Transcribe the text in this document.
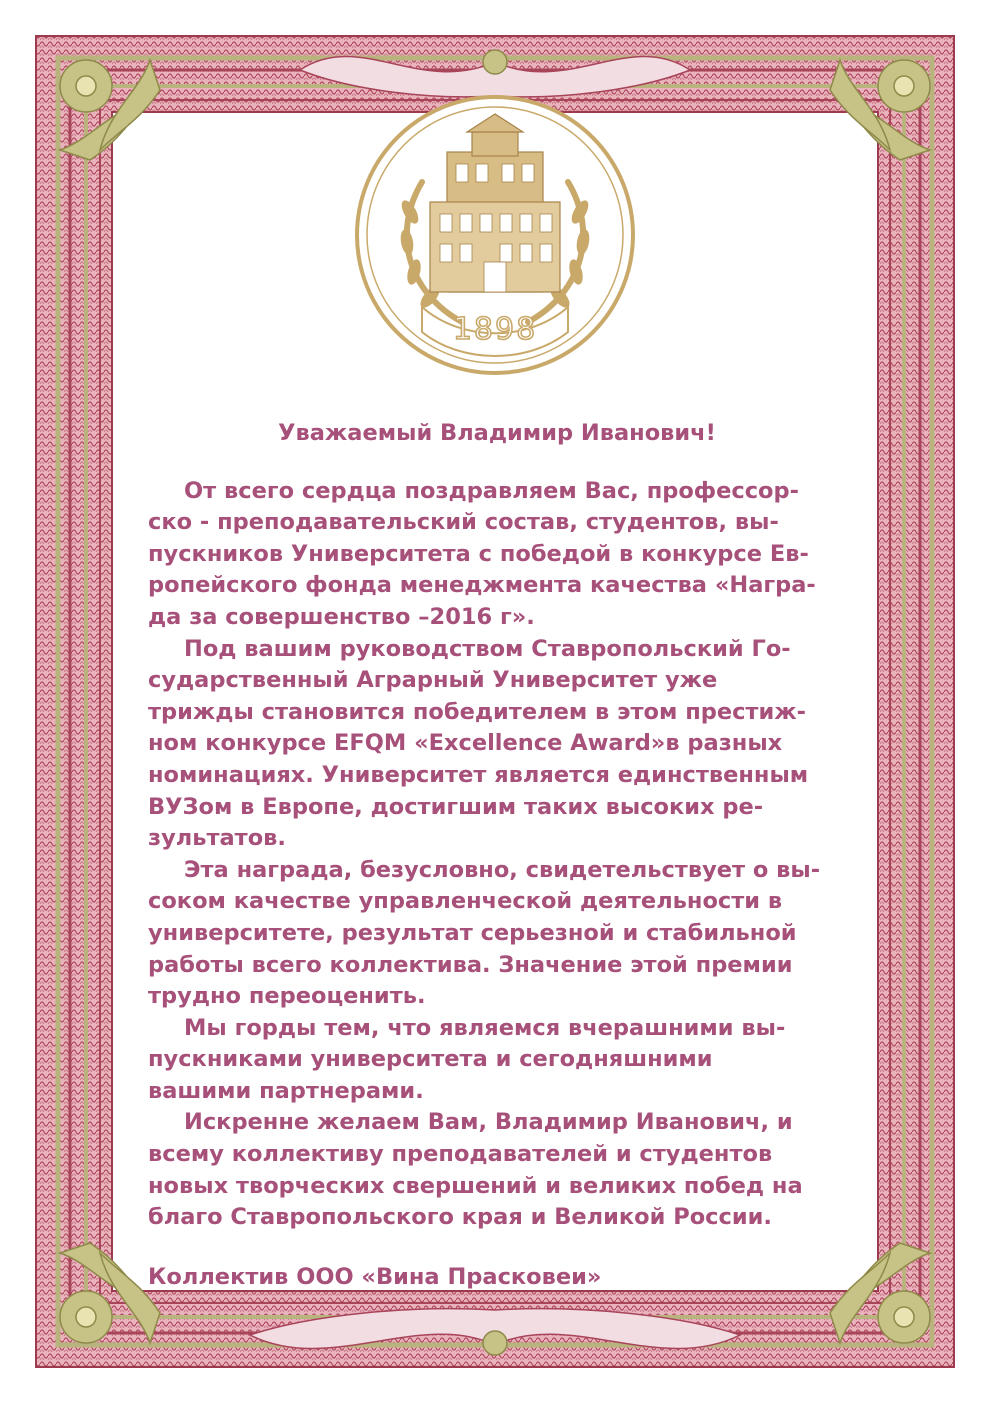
1898
Уважаемый Владимир Иванович!

От всего сердца поздравляем Вас, профессор-
ско - преподавательский состав, студентов, вы-
пускников Университета с победой в конкурсе Ев-
ропейского фонда менеджмента качества «Награ-
да за совершенство –2016 г».

Под вашим руководством Ставропольский Го-
сударственный Аграрный Университет уже
трижды становится победителем в этом престиж-
ном конкурсе EFQM «Excellence Award»в разных
номинациях. Университет является единственным
ВУЗом в Европе, достигшим таких высоких ре-
зультатов.

Эта награда, безусловно, свидетельствует о вы-
соком качестве управленческой деятельности в
университете, результат серьезной и стабильной
работы всего коллектива. Значение этой премии
трудно переоценить.

Мы горды тем, что являемся вчерашними вы-
пускниками университета и сегодняшними
вашими партнерами.

Искренне желаем Вам, Владимир Иванович, и
всему коллективу преподавателей и студентов
новых творческих свершений и великих побед на
благо Ставропольского края и Великой России.

Коллектив ООО «Вина Прасковеи»
